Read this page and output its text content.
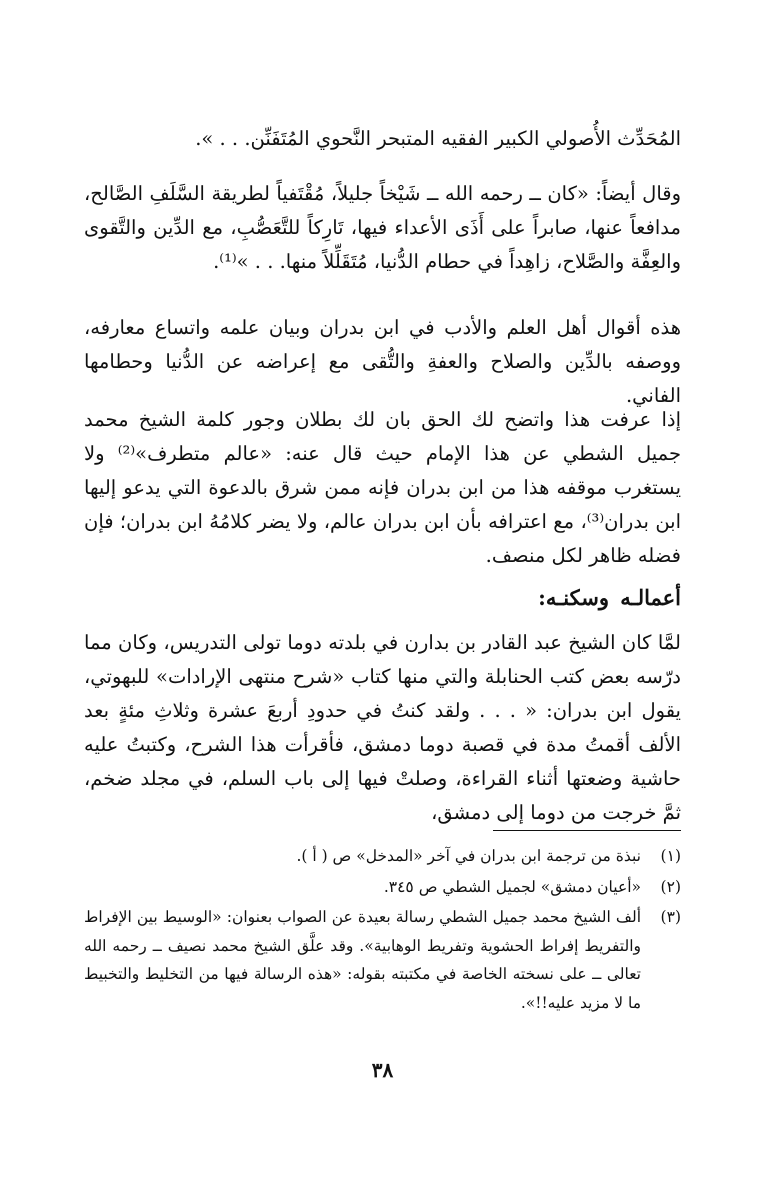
المُحَدِّث الأُصولي الكبير الفقيه المتبحر النَّحوي المُتَفَنِّن. . . ».

وقال أيضاً: «كان ــ رحمه الله ــ شَيْخاً جليلاً، مُقْتَفياً لطريقة السَّلَفِ الصَّالح، مدافعاً عنها، صابراً على أَذَى الأعداء فيها، تَارِكاً للتَّعَصُّبِ، مع الدِّين والتَّقوى والعِفَّة والصَّلاح، زاهِداً في حطام الدُّنيا، مُتَقَلِّلاً منها. . . »⁽¹⁾.

هذه أقوال أهل العلم والأدب في ابن بدران وبيان علمه واتساع معارفه، ووصفه بالدِّين والصلاح والعفةِ والتُّقى مع إعراضه عن الدُّنيا وحطامها الفاني.

إذا عرفت هذا واتضح لك الحق بان لك بطلان وجور كلمة الشيخ محمد جميل الشطي عن هذا الإمام حيث قال عنه: «عالم متطرف»⁽²⁾ ولا يستغرب موقفه هذا من ابن بدران فإنه ممن شرق بالدعوة التي يدعو إليها ابن بدران⁽³⁾، مع اعترافه بأن ابن بدران عالم، ولا يضر كلامُهُ ابن بدران؛ فإن فضله ظاهر لكل منصف.

أعمالـه وسكنـه:

لمَّا كان الشيخ عبد القادر بن بدارن في بلدته دوما تولى التدريس، وكان مما درّسه بعض كتب الحنابلة والتي منها كتاب «شرح منتهى الإرادات» للبهوتي، يقول ابن بدران: « . . . ولقد كنتُ في حدودِ أربعَ عشرة وثلاثِ مئةٍ بعد الألف أقمتُ مدة في قصبة دوما دمشق، فأقرأت هذا الشرح، وكتبتُ عليه حاشية وضعتها أثناء القراءة، وصلتْ فيها إلى باب السلم، في مجلد ضخم، ثمَّ خرجت من دوما إلى دمشق،

(١)
نبذة من ترجمة ابن بدران في آخر «المدخل» ص ( أ ).
(٢)
«أعيان دمشق» لجميل الشطي ص ٣٤٥.
(٣)
ألف الشيخ محمد جميل الشطي رسالة بعيدة عن الصواب بعنوان: «الوسيط بين الإفراط والتفريط إفراط الحشوية وتفريط الوهابية». وقد علَّق الشيخ محمد نصيف ــ رحمه الله تعالى ــ على نسخته الخاصة في مكتبته بقوله: «هذه الرسالة فيها من التخليط والتخبيط ما لا مزيد عليه!!».
٣٨
